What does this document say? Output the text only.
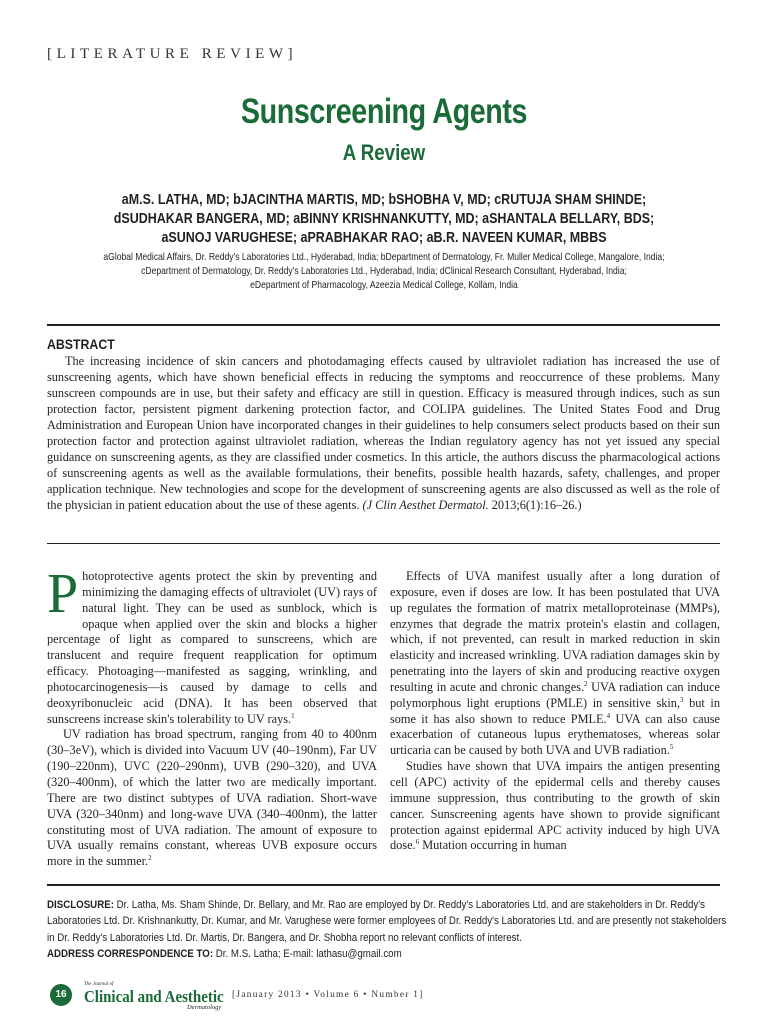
[LITERATURE REVIEW]
Sunscreening Agents
A Review
aM.S. LATHA, MD; bJACINTHA MARTIS, MD; bSHOBHA V, MD; cRUTUJA SHAM SHINDE;
dSUDHAKAR BANGERA, MD; aBINNY KRISHNANKUTTY, MD; aSHANTALA BELLARY, BDS;
aSUNOJ VARUGHESE; aPRABHAKAR RAO; aB.R. NAVEEN KUMAR, MBBS
aGlobal Medical Affairs, Dr. Reddy's Laboratories Ltd., Hyderabad, India; bDepartment of Dermatology, Fr. Muller Medical College, Mangalore, India;
cDepartment of Dermatology, Dr. Reddy's Laboratories Ltd., Hyderabad, India; dClinical Research Consultant, Hyderabad, India;
eDepartment of Pharmacology, Azeezia Medical College, Kollam, India
ABSTRACT

The increasing incidence of skin cancers and photodamaging effects caused by ultraviolet radiation has increased the use of sunscreening agents, which have shown beneficial effects in reducing the symptoms and reoccurrence of these problems. Many sunscreen compounds are in use, but their safety and efficacy are still in question. Efficacy is measured through indices, such as sun protection factor, persistent pigment darkening protection factor, and COLIPA guidelines. The United States Food and Drug Administration and European Union have incorporated changes in their guidelines to help consumers select products based on their sun protection factor and protection against ultraviolet radiation, whereas the Indian regulatory agency has not yet issued any special guidance on sunscreening agents, as they are classified under cosmetics. In this article, the authors discuss the pharmacological actions of sunscreening agents as well as the available formulations, their benefits, possible health hazards, safety, challenges, and proper application technique. New technologies and scope for the development of sunscreening agents are also discussed as well as the role of the physician in patient education about the use of these agents. (J Clin Aesthet Dermatol. 2013;6(1):16–26.)

Photoprotective agents protect the skin by preventing and minimizing the damaging effects of ultraviolet (UV) rays of natural light. They can be used as sunblock, which is opaque when applied over the skin and blocks a higher percentage of light as compared to sunscreens, which are translucent and require frequent reapplication for optimum efficacy. Photoaging—manifested as sagging, wrinkling, and photocarcinogenesis—is caused by damage to cells and deoxyribonucleic acid (DNA). It has been observed that sunscreens increase skin's tolerability to UV rays.$^1$

UV radiation has broad spectrum, ranging from 40 to 400nm (30–3eV), which is divided into Vacuum UV (40–190nm), Far UV (190–220nm), UVC (220–290nm), UVB (290–320), and UVA (320–400nm), of which the latter two are medically important. There are two distinct subtypes of UVA radiation. Short-wave UVA (320–340nm) and long-wave UVA (340–400nm), the latter constituting most of UVA radiation. The amount of exposure to UVA usually remains constant, whereas UVB exposure occurs more in the summer.$^2$

Effects of UVA manifest usually after a long duration of exposure, even if doses are low. It has been postulated that UVA up regulates the formation of matrix metalloproteinase (MMPs), enzymes that degrade the matrix protein's elastin and collagen, which, if not prevented, can result in marked reduction in skin elasticity and increased wrinkling. UVA radiation damages skin by penetrating into the layers of skin and producing reactive oxygen resulting in acute and chronic changes.$^2$ UVA radiation can induce polymorphous light eruptions (PMLE) in sensitive skin,$^3$ but in some it has also shown to reduce PMLE.$^4$ UVA can also cause exacerbation of cutaneous lupus erythematoses, whereas solar urticaria can be caused by both UVA and UVB radiation.$^5$

Studies have shown that UVA impairs the antigen presenting cell (APC) activity of the epidermal cells and thereby causes immune suppression, thus contributing to the growth of skin cancer. Sunscreening agents have shown to provide significant protection against epidermal APC activity induced by high UVA dose.$^6$ Mutation occurring in human

DISCLOSURE: Dr. Latha, Ms. Sham Shinde, Dr. Bellary, and Mr. Rao are employed by Dr. Reddy's Laboratories Ltd. and are stakeholders in Dr. Reddy's Laboratories Ltd. Dr. Krishnankutty, Dr. Kumar, and Mr. Varughese were former employees of Dr. Reddy's Laboratories Ltd. and are presently not stakeholders in Dr. Reddy's Laboratories Ltd. Dr. Martis, Dr. Bangera, and Dr. Shobha report no relevant conflicts of interest.
ADDRESS CORRESPONDENCE TO: Dr. M.S. Latha; E-mail: lathasu@gmail.com
16
The Journal of
Clinical and Aesthetic
Dermatology
[January 2013 • Volume 6 • Number 1]
